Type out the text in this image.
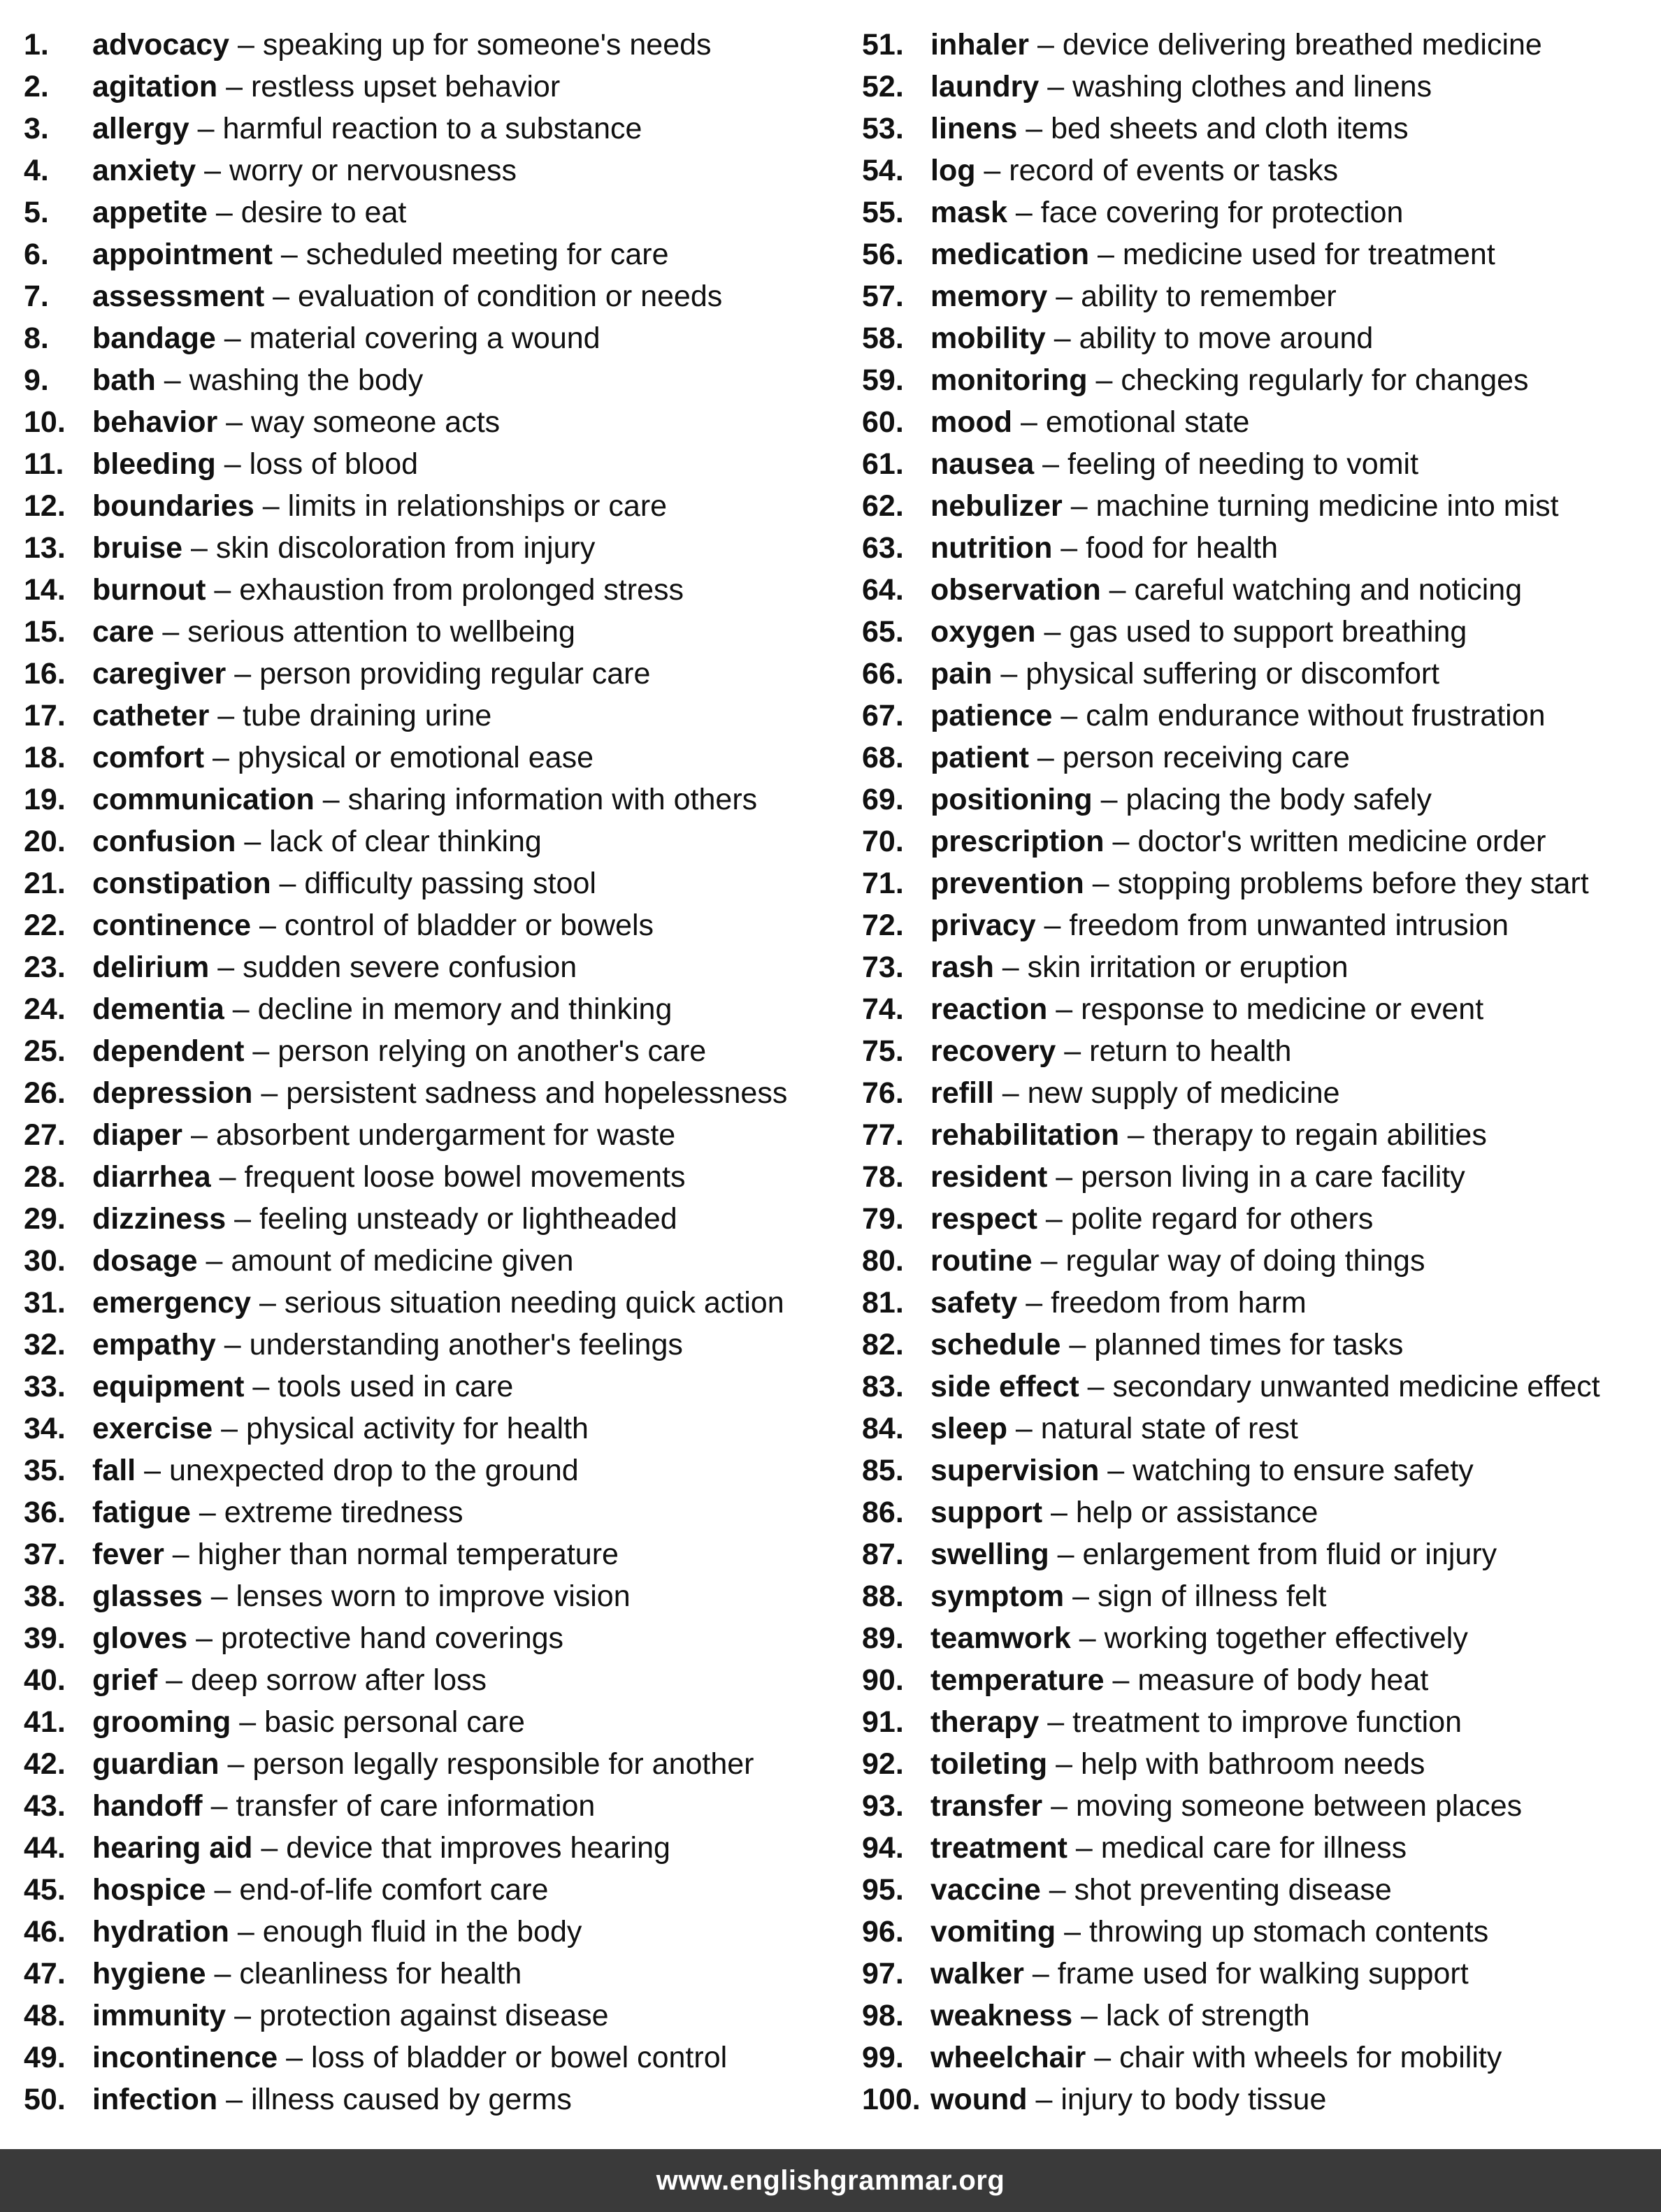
1.	advocacy – speaking up for someone's needs
2.	agitation – restless upset behavior
3.	allergy – harmful reaction to a substance
4.	anxiety – worry or nervousness
5.	appetite – desire to eat
6.	appointment – scheduled meeting for care
7.	assessment – evaluation of condition or needs
8.	bandage – material covering a wound
9.	bath – washing the body
10. behavior – way someone acts
11. bleeding – loss of blood
12. boundaries – limits in relationships or care
13. bruise – skin discoloration from injury
14. burnout – exhaustion from prolonged stress
15. care – serious attention to wellbeing
16. caregiver – person providing regular care
17. catheter – tube draining urine
18. comfort – physical or emotional ease
19. communication – sharing information with others
20. confusion – lack of clear thinking
21. constipation – difficulty passing stool
22. continence – control of bladder or bowels
23. delirium – sudden severe confusion
24. dementia – decline in memory and thinking
25. dependent – person relying on another's care
26. depression – persistent sadness and hopelessness
27. diaper – absorbent undergarment for waste
28. diarrhea – frequent loose bowel movements
29. dizziness – feeling unsteady or lightheaded
30. dosage – amount of medicine given
31. emergency – serious situation needing quick action
32. empathy – understanding another's feelings
33. equipment – tools used in care
34. exercise – physical activity for health
35. fall – unexpected drop to the ground
36. fatigue – extreme tiredness
37. fever – higher than normal temperature
38. glasses – lenses worn to improve vision
39. gloves – protective hand coverings
40. grief – deep sorrow after loss
41. grooming – basic personal care
42. guardian – person legally responsible for another
43. handoff – transfer of care information
44. hearing aid – device that improves hearing
45. hospice – end-of-life comfort care
46. hydration – enough fluid in the body
47. hygiene – cleanliness for health
48. immunity – protection against disease
49. incontinence – loss of bladder or bowel control
50. infection – illness caused by germs
51. inhaler – device delivering breathed medicine
52. laundry – washing clothes and linens
53. linens – bed sheets and cloth items
54. log – record of events or tasks
55. mask – face covering for protection
56. medication – medicine used for treatment
57. memory – ability to remember
58. mobility – ability to move around
59. monitoring – checking regularly for changes
60. mood – emotional state
61. nausea – feeling of needing to vomit
62. nebulizer – machine turning medicine into mist
63. nutrition – food for health
64. observation – careful watching and noticing
65. oxygen – gas used to support breathing
66. pain – physical suffering or discomfort
67. patience – calm endurance without frustration
68. patient – person receiving care
69. positioning – placing the body safely
70. prescription – doctor's written medicine order
71. prevention – stopping problems before they start
72. privacy – freedom from unwanted intrusion
73. rash – skin irritation or eruption
74. reaction – response to medicine or event
75. recovery – return to health
76. refill – new supply of medicine
77. rehabilitation – therapy to regain abilities
78. resident – person living in a care facility
79. respect – polite regard for others
80. routine – regular way of doing things
81. safety – freedom from harm
82. schedule – planned times for tasks
83. side effect – secondary unwanted medicine effect
84. sleep – natural state of rest
85. supervision – watching to ensure safety
86. support – help or assistance
87. swelling – enlargement from fluid or injury
88. symptom – sign of illness felt
89. teamwork – working together effectively
90. temperature – measure of body heat
91. therapy – treatment to improve function
92. toileting – help with bathroom needs
93. transfer – moving someone between places
94. treatment – medical care for illness
95. vaccine – shot preventing disease
96. vomiting – throwing up stomach contents
97. walker – frame used for walking support
98. weakness – lack of strength
99. wheelchair – chair with wheels for mobility
100. wound – injury to body tissue
www.englishgrammar.org
